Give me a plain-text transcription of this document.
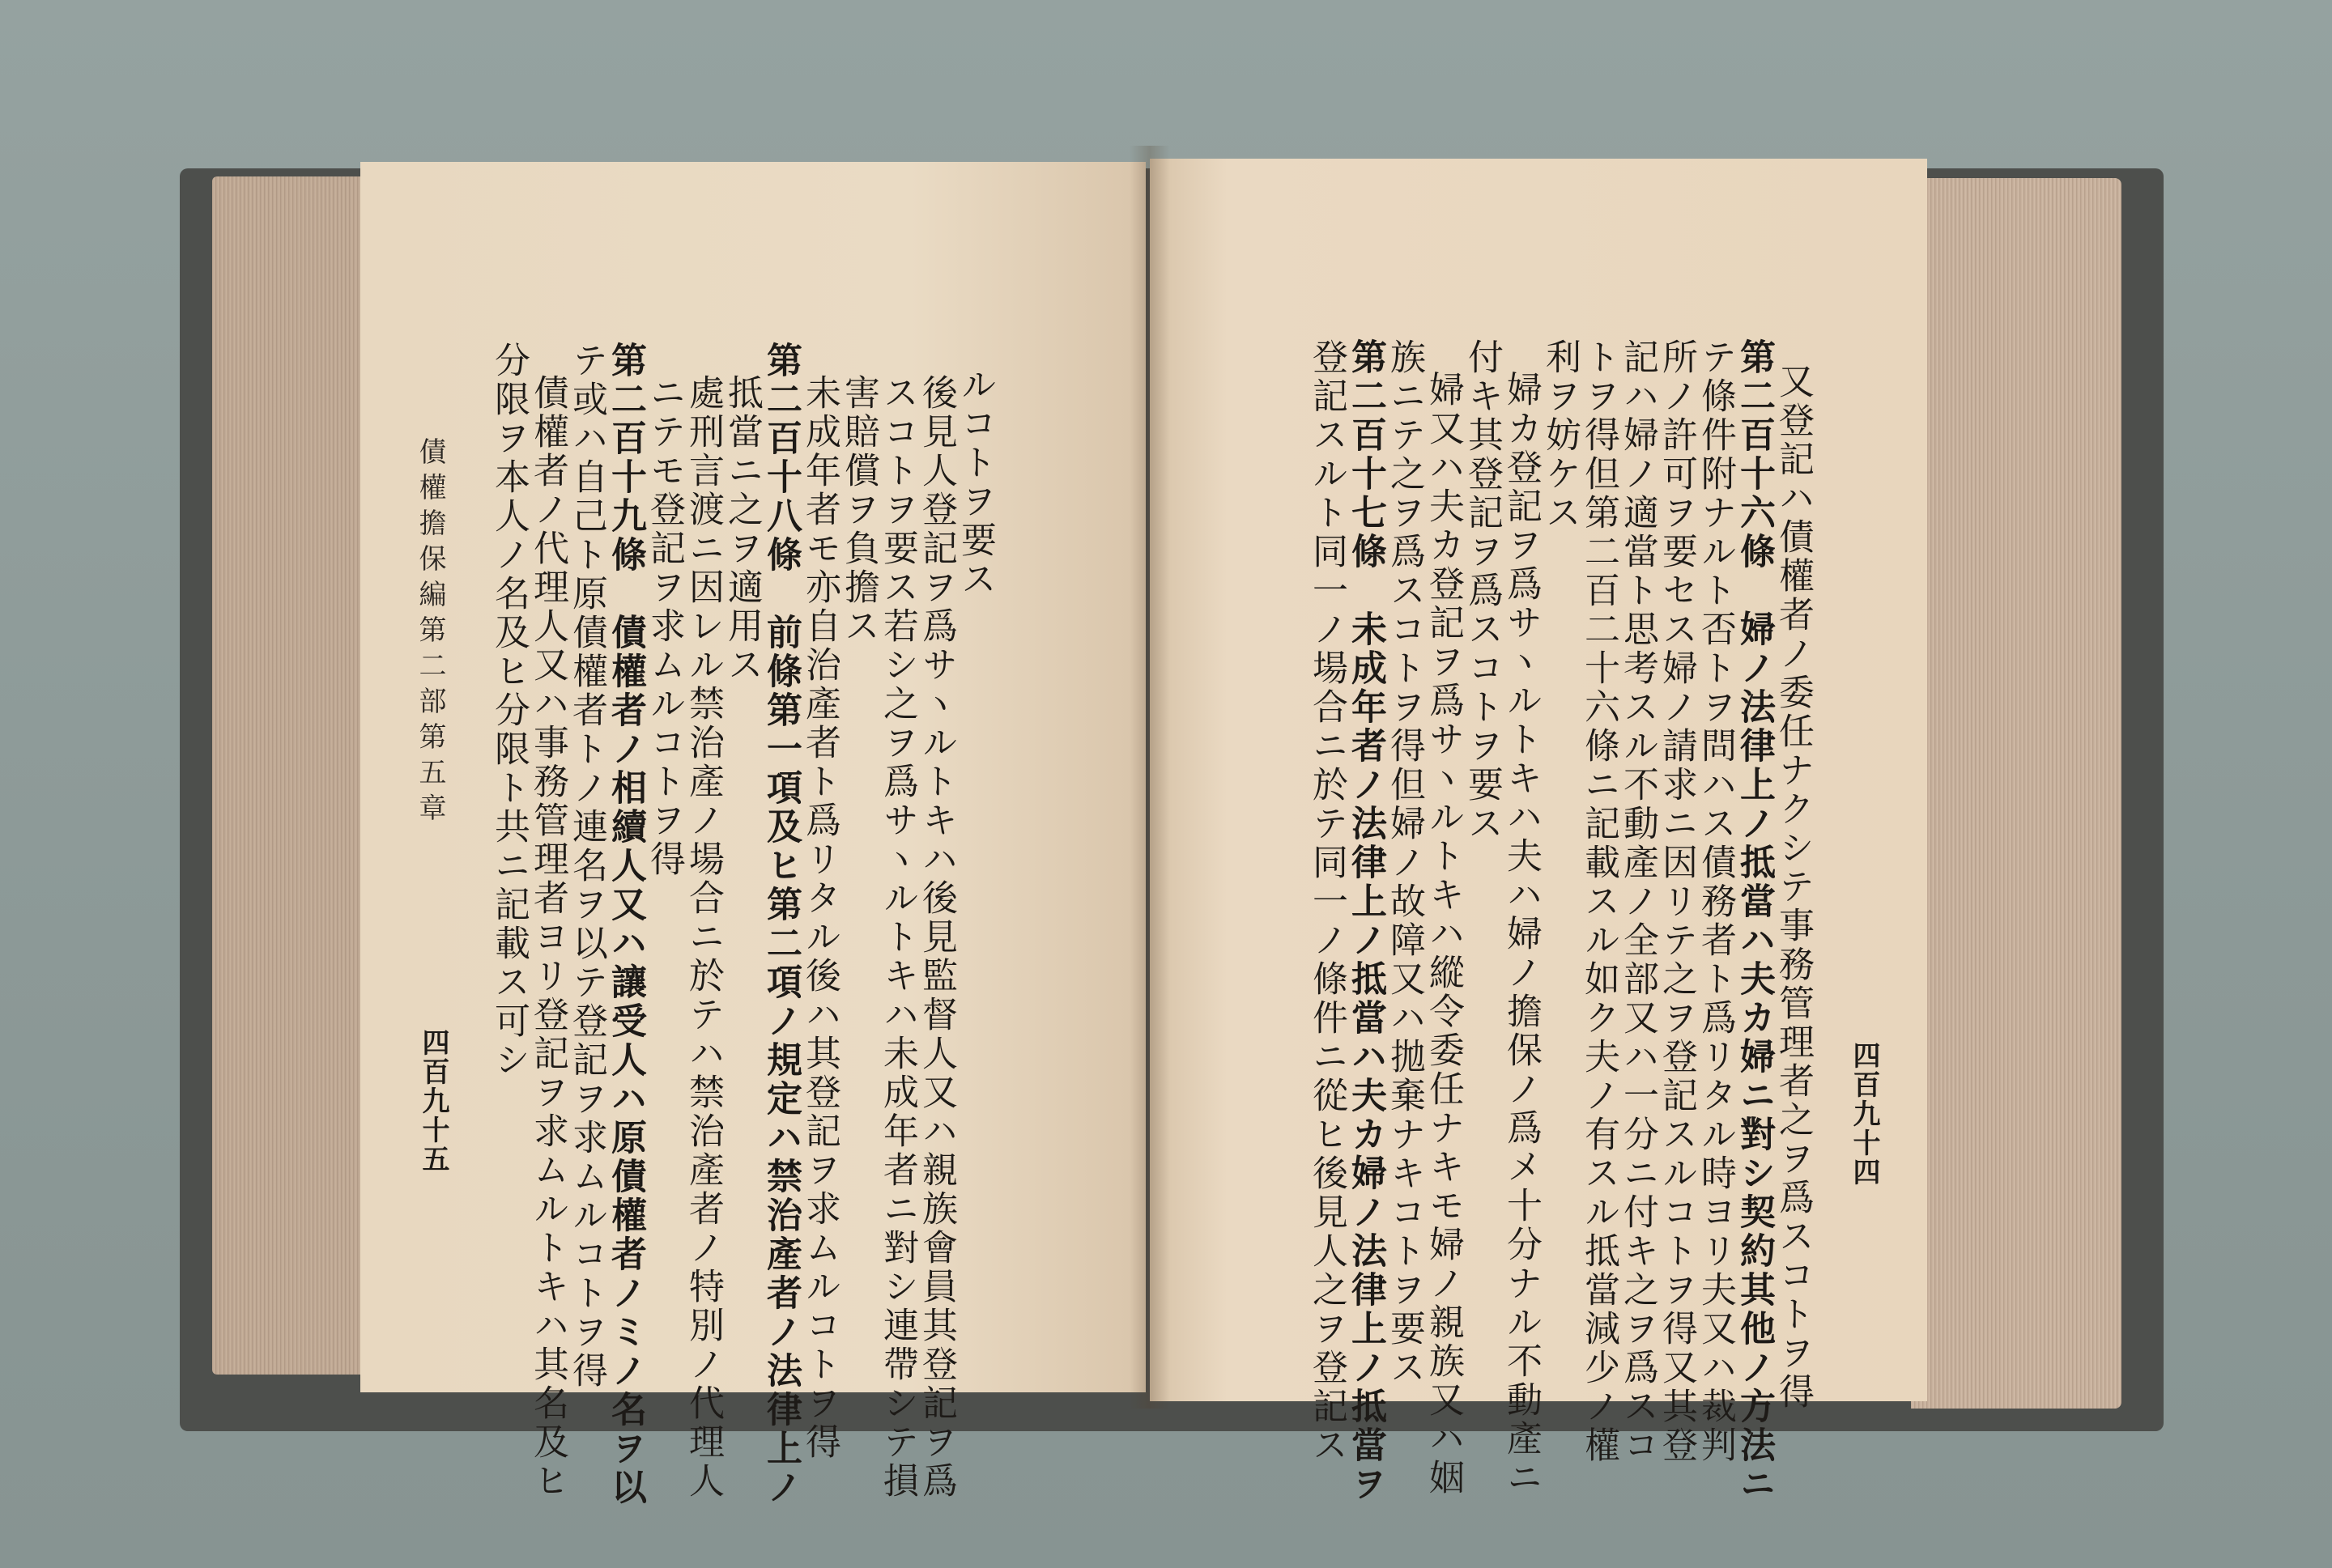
ルコトヲ要ス
後見人登記ヲ爲サヽルトキハ後見監督人又ハ親族會員其登記ヲ爲
スコトヲ要ス若シ之ヲ爲サヽルトキハ未成年者ニ對シ連帶シテ損
害賠償ヲ負擔ス
未成年者モ亦自治產者ト爲リタル後ハ其登記ヲ求ムルコトヲ得
第二百十八條　前條第一項及ヒ第二項ノ規定ハ禁治產者ノ法律上ノ
抵當ニ之ヲ適用ス
處刑言渡ニ因レル禁治產ノ場合ニ於テハ禁治產者ノ特別ノ代理人
ニテモ登記ヲ求ムルコトヲ得
第二百十九條　債權者ノ相續人又ハ讓受人ハ原債權者ノミノ名ヲ以
テ或ハ自己ト原債權者トノ連名ヲ以テ登記ヲ求ムルコトヲ得
債權者ノ代理人又ハ事務管理者ヨリ登記ヲ求ムルトキハ其名及ヒ
分限ヲ本人ノ名及ヒ分限ト共ニ記載ス可シ
債權擔保編第二部第五章
四百九十五	四百九十四
又登記ハ債權者ノ委任ナクシテ事務管理者之ヲ爲スコトヲ得
第二百十六條　婦ノ法律上ノ抵當ハ夫カ婦ニ對シ契約其他ノ方法ニ
テ條件附ナルト否トヲ問ハス債務者ト爲リタル時ヨリ夫又ハ裁判
所ノ許可ヲ要セス婦ノ請求ニ因リテ之ヲ登記スルコトヲ得又其登
記ハ婦ノ適當ト思考スル不動產ノ全部又ハ一分ニ付キ之ヲ爲スコ
トヲ得但第二百二十六條ニ記載スル如ク夫ノ有スル抵當減少ノ權
利ヲ妨ケス
婦カ登記ヲ爲サヽルトキハ夫ハ婦ノ擔保ノ爲メ十分ナル不動產ニ
付キ其登記ヲ爲スコトヲ要ス
婦又ハ夫カ登記ヲ爲サヽルトキハ縱令委任ナキモ婦ノ親族又ハ姻
族ニテ之ヲ爲スコトヲ得但婦ノ故障又ハ拋棄ナキコトヲ要ス
第二百十七條　未成年者ノ法律上ノ抵當ハ夫カ婦ノ法律上ノ抵當ヲ
登記スルト同一ノ場合ニ於テ同一ノ條件ニ從ヒ後見人之ヲ登記ス
